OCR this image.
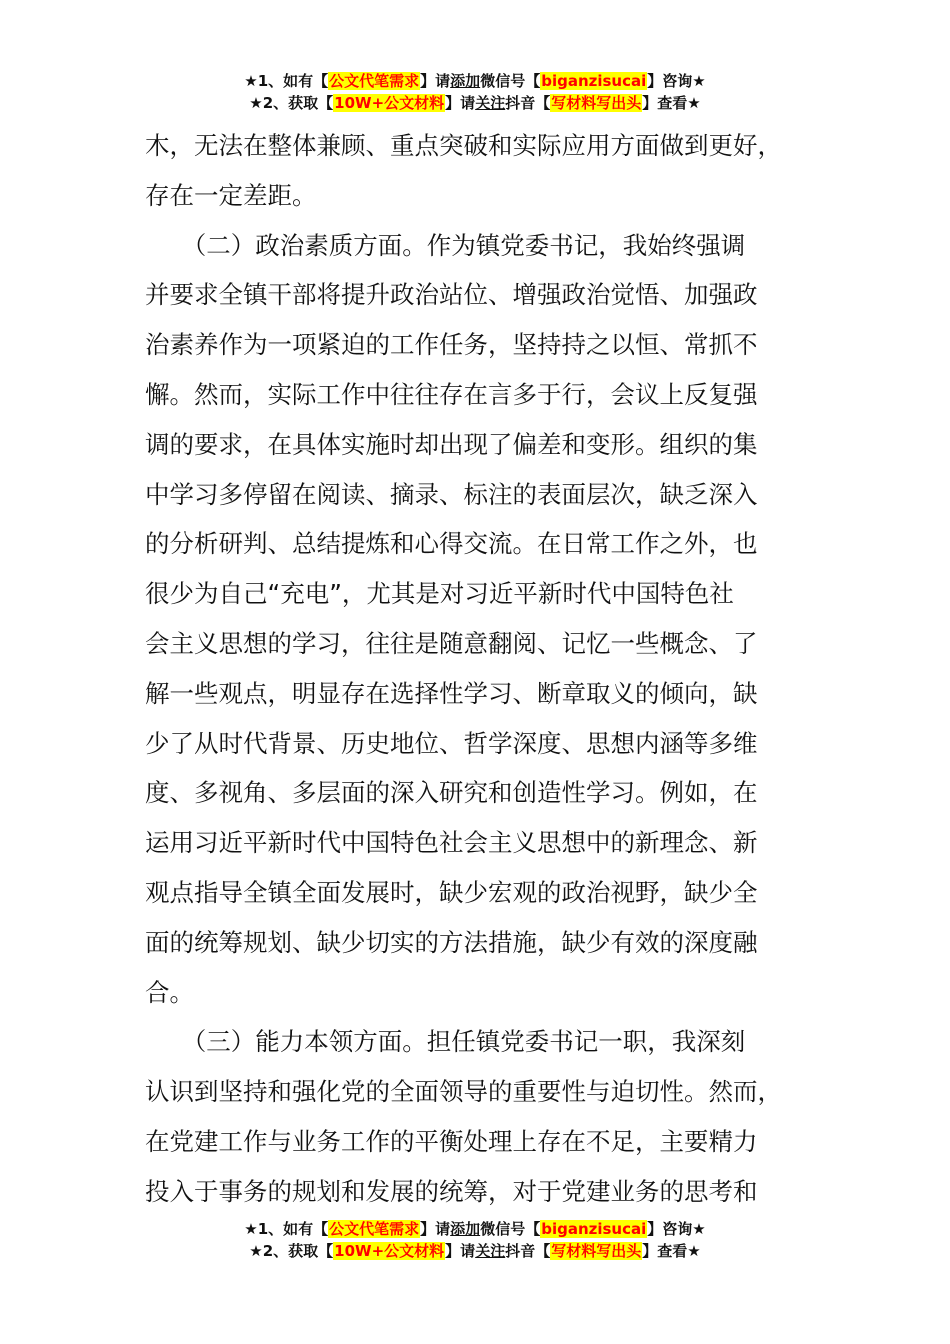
★1、如有【公文代笔需求】请添加微信号【biganzisucai】咨询★
★2、获取【10W+公文材料】请关注抖音【写材料写出头】查看★
木，无法在整体兼顾、重点突破和实际应用方面做到更好，
存在一定差距。
　　（二）政治素质方面。作为镇党委书记，我始终强调
并要求全镇干部将提升政治站位、增强政治觉悟、加强政
治素养作为一项紧迫的工作任务，坚持持之以恒、常抓不
懈。然而，实际工作中往往存在言多于行，会议上反复强
调的要求，在具体实施时却出现了偏差和变形。组织的集
中学习多停留在阅读、摘录、标注的表面层次，缺乏深入
的分析研判、总结提炼和心得交流。在日常工作之外，也
很少为自己“充电”，尤其是对习近平新时代中国特色社
会主义思想的学习，往往是随意翻阅、记忆一些概念、了
解一些观点，明显存在选择性学习、断章取义的倾向，缺
少了从时代背景、历史地位、哲学深度、思想内涵等多维
度、多视角、多层面的深入研究和创造性学习。例如，在
运用习近平新时代中国特色社会主义思想中的新理念、新
观点指导全镇全面发展时，缺少宏观的政治视野，缺少全
面的统筹规划、缺少切实的方法措施，缺少有效的深度融
合。
　　（三）能力本领方面。担任镇党委书记一职，我深刻
认识到坚持和强化党的全面领导的重要性与迫切性。然而，
在党建工作与业务工作的平衡处理上存在不足，主要精力
投入于事务的规划和发展的统筹，对于党建业务的思考和
★1、如有【公文代笔需求】请添加微信号【biganzisucai】咨询★
★2、获取【10W+公文材料】请关注抖音【写材料写出头】查看★
